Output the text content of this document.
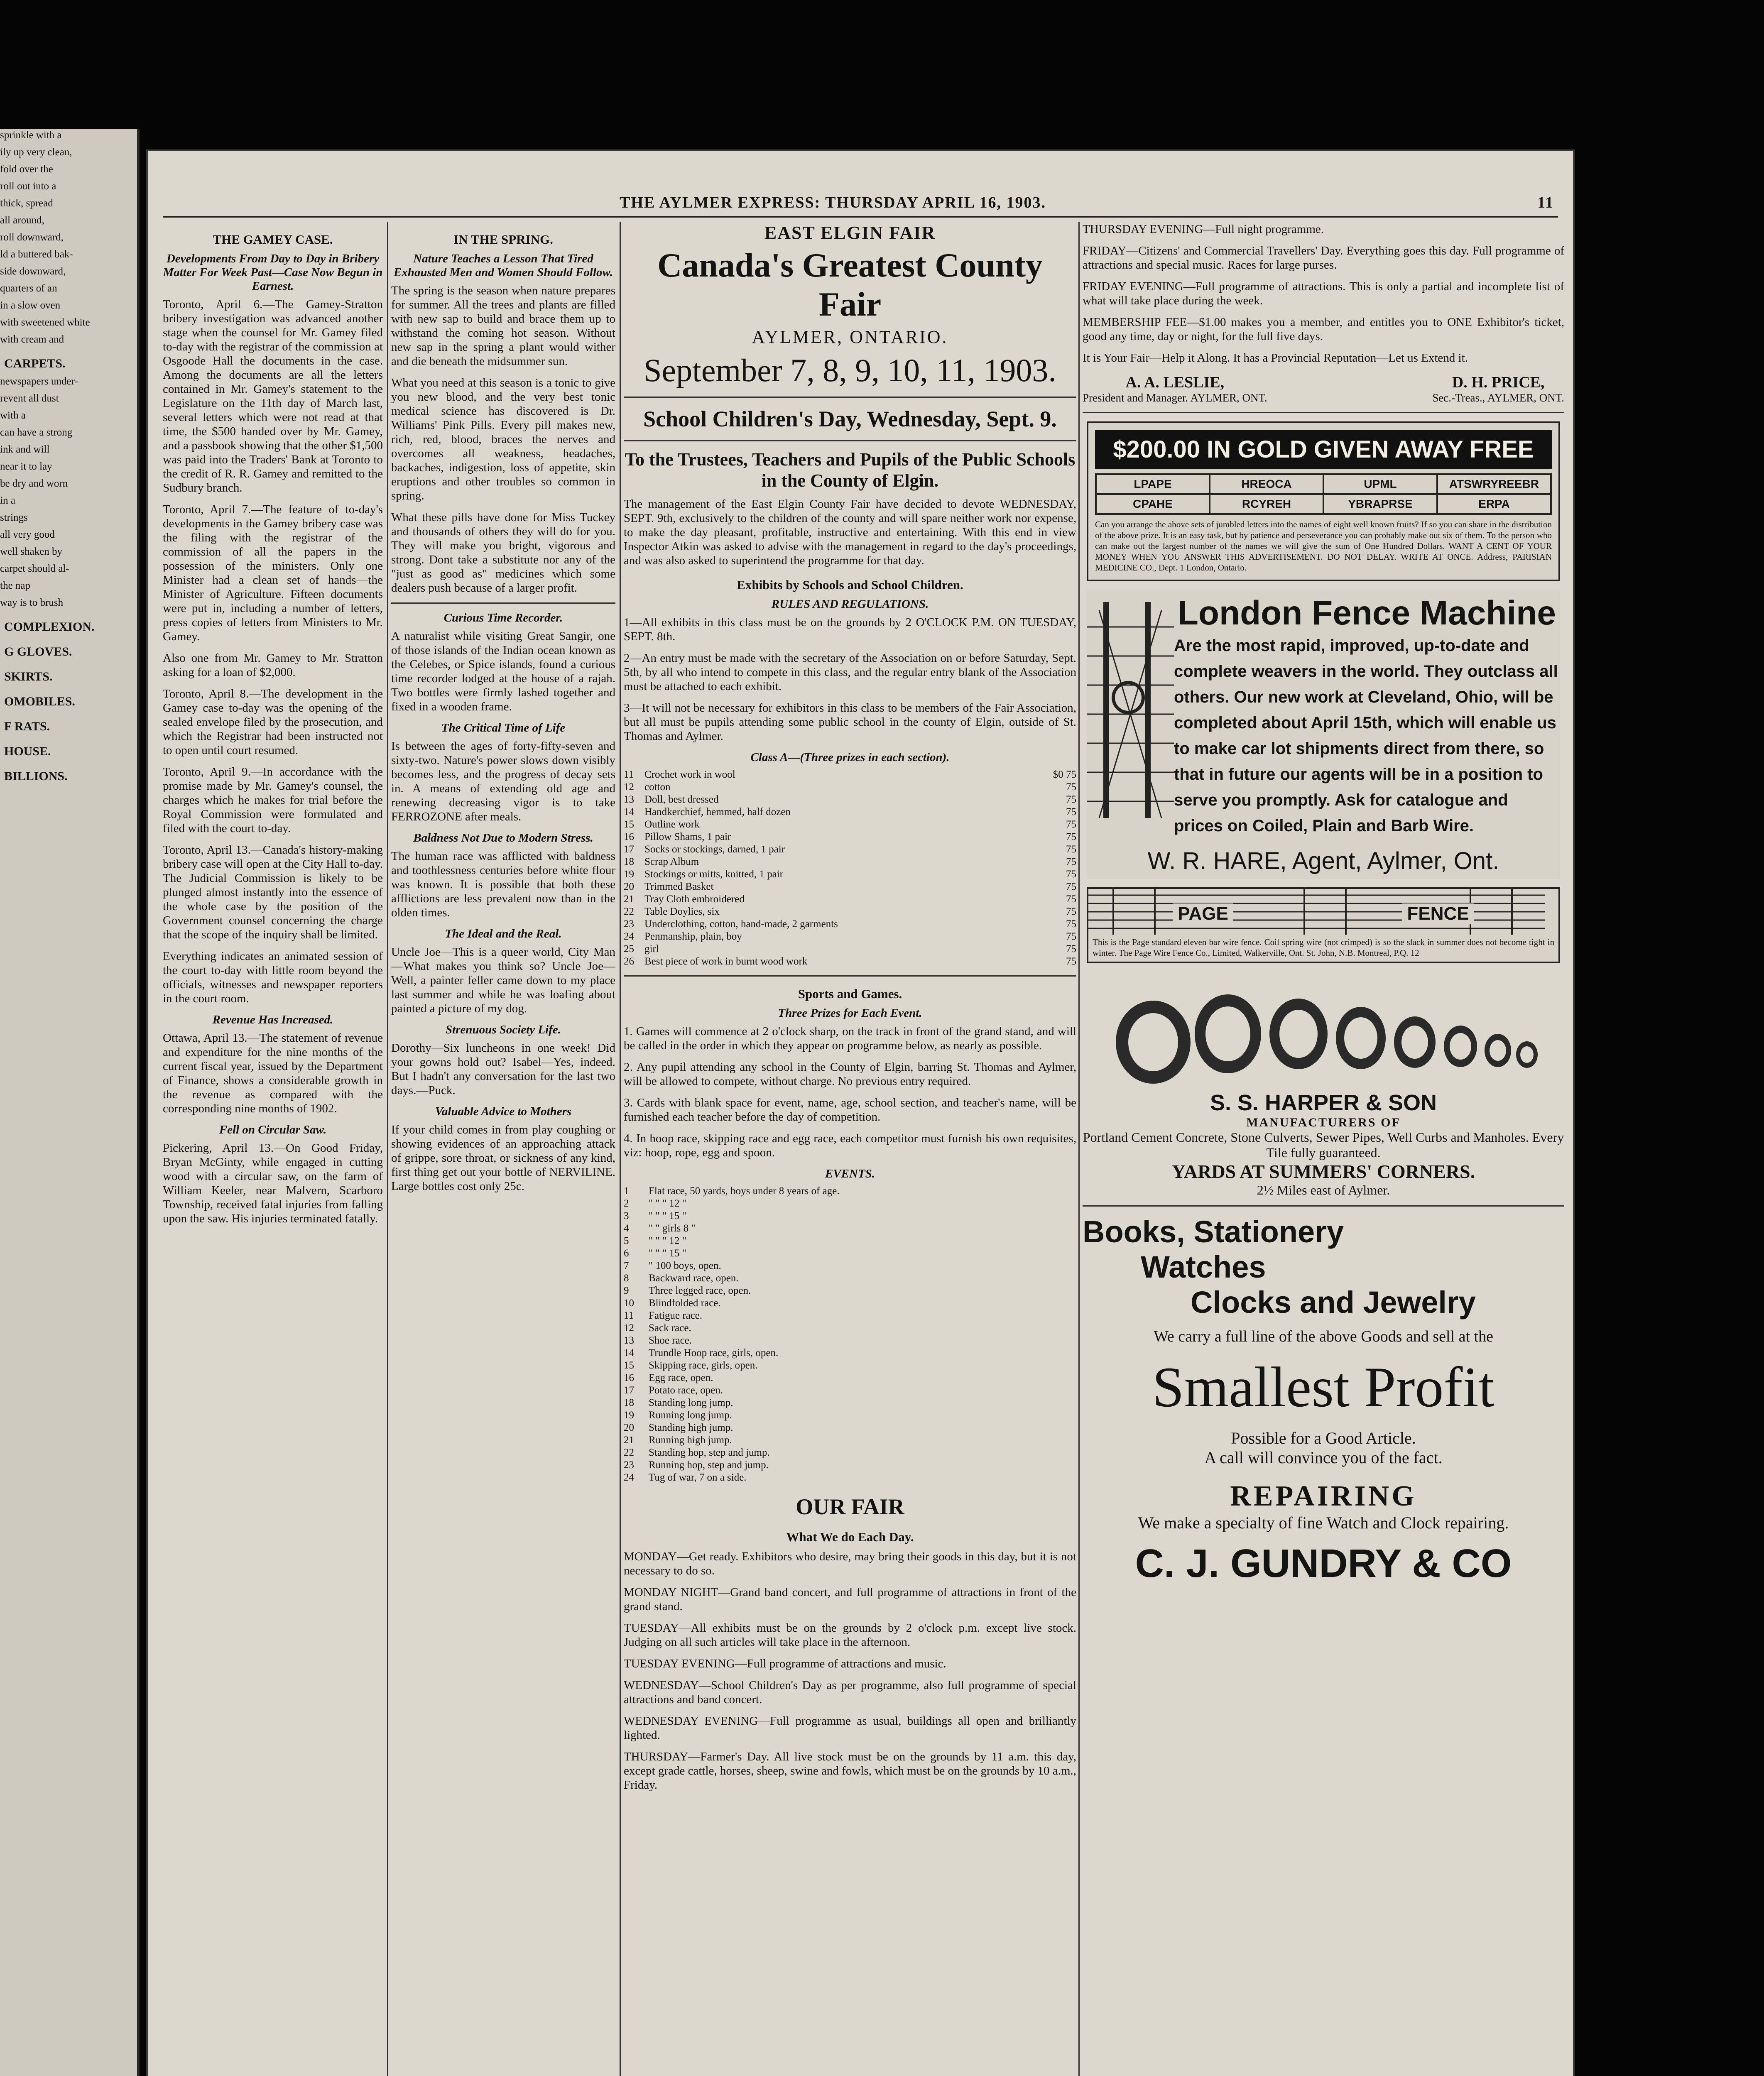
sprinkle with a

ily up very clean,

fold over the

roll out into a

thick, spread

all around,

roll downward,

ld a buttered bak-

side downward,

quarters of an

in a slow oven

with sweetened white

with cream and

CARPETS.

newspapers under-

revent all dust

with a

can have a strong

ink and will

near it to lay

be dry and worn

in a

strings

all very good

well shaken by

carpet should al-

the nap

way is to brush

COMPLEXION.
G GLOVES.
SKIRTS.
OMOBILES.
F RATS.
HOUSE.
BILLIONS.
THE AYLMER EXPRESS: THURSDAY APRIL 16, 1903.	11
THE GAMEY CASE.
Developments From Day to Day in Bribery Matter For Week Past—Case Now Begun in Earnest.

Toronto, April 6.—The Gamey-Stratton bribery investigation was advanced another stage when the counsel for Mr. Gamey filed to-day with the registrar of the commission at Osgoode Hall the documents in the case. Among the documents are all the letters contained in Mr. Gamey's statement to the Legislature on the 11th day of March last, several letters which were not read at that time, the $500 handed over by Mr. Gamey, and a passbook showing that the other $1,500 was paid into the Traders' Bank at Toronto to the credit of R. R. Gamey and remitted to the Sudbury branch.

Toronto, April 7.—The feature of to-day's developments in the Gamey bribery case was the filing with the registrar of the commission of all the papers in the possession of the ministers. Only one Minister had a clean set of hands—the Minister of Agriculture. Fifteen documents were put in, including a number of letters, press copies of letters from Ministers to Mr. Gamey.

Also one from Mr. Gamey to Mr. Stratton asking for a loan of $2,000.

Toronto, April 8.—The development in the Gamey case to-day was the opening of the sealed envelope filed by the prosecution, and which the Registrar had been instructed not to open until court resumed.

Toronto, April 9.—In accordance with the promise made by Mr. Gamey's counsel, the charges which he makes for trial before the Royal Commission were formulated and filed with the court to-day.

Toronto, April 13.—Canada's history-making bribery case will open at the City Hall to-day. The Judicial Commission is likely to be plunged almost instantly into the essence of the whole case by the position of the Government counsel concerning the charge that the scope of the inquiry shall be limited.

Everything indicates an animated session of the court to-day with little room beyond the officials, witnesses and newspaper reporters in the court room.

Revenue Has Increased.

Ottawa, April 13.—The statement of revenue and expenditure for the nine months of the current fiscal year, issued by the Department of Finance, shows a considerable growth in the revenue as compared with the corresponding nine months of 1902.

Fell on Circular Saw.

Pickering, April 13.—On Good Friday, Bryan McGinty, while engaged in cutting wood with a circular saw, on the farm of William Keeler, near Malvern, Scarboro Township, received fatal injuries from falling upon the saw. His injuries terminated fatally.

IN THE SPRING.
Nature Teaches a Lesson That Tired Exhausted Men and Women Should Follow.

The spring is the season when nature prepares for summer. All the trees and plants are filled with new sap to build and brace them up to withstand the coming hot season. Without new sap in the spring a plant would wither and die beneath the midsummer sun.

What you need at this season is a tonic to give you new blood, and the very best tonic medical science has discovered is Dr. Williams' Pink Pills. Every pill makes new, rich, red, blood, braces the nerves and overcomes all weakness, headaches, backaches, indigestion, loss of appetite, skin eruptions and other troubles so common in spring.

What these pills have done for Miss Tuckey and thousands of others they will do for you. They will make you bright, vigorous and strong. Dont take a substitute nor any of the "just as good as" medicines which some dealers push because of a larger profit.

Curious Time Recorder.

A naturalist while visiting Great Sangir, one of those islands of the Indian ocean known as the Celebes, or Spice islands, found a curious time recorder lodged at the house of a rajah. Two bottles were firmly lashed together and fixed in a wooden frame.

The Critical Time of Life

Is between the ages of forty-fifty-seven and sixty-two. Nature's power slows down visibly becomes less, and the progress of decay sets in. A means of extending old age and renewing decreasing vigor is to take FERROZONE after meals.

Baldness Not Due to Modern Stress.

The human race was afflicted with baldness and toothlessness centuries before white flour was known. It is possible that both these afflictions are less prevalent now than in the olden times.

The Ideal and the Real.

Uncle Joe—This is a queer world, City Man—What makes you think so? Uncle Joe—Well, a painter feller came down to my place last summer and while he was loafing about painted a picture of my dog.

Strenuous Society Life.

Dorothy—Six luncheons in one week! Did your gowns hold out? Isabel—Yes, indeed. But I hadn't any conversation for the last two days.—Puck.

Valuable Advice to Mothers

If your child comes in from play coughing or showing evidences of an approaching attack of grippe, sore throat, or sickness of any kind, first thing get out your bottle of NERVILINE. Large bottles cost only 25c.

EAST ELGIN FAIR
Canada's Greatest County Fair
AYLMER, ONTARIO.
September 7, 8, 9, 10, 11, 1903.
School Children's Day, Wednesday, Sept. 9.
To the Trustees, Teachers and Pupils of the Public Schools in the County of Elgin.

The management of the East Elgin County Fair have decided to devote WEDNESDAY, SEPT. 9th, exclusively to the children of the county and will spare neither work nor expense, to make the day pleasant, profitable, instructive and entertaining. With this end in view Inspector Atkin was asked to advise with the management in regard to the day's proceedings, and was also asked to superintend the programme for that day.

Exhibits by Schools and School Children.
RULES AND REGULATIONS.

1—All exhibits in this class must be on the grounds by 2 O'CLOCK P.M. ON TUESDAY, SEPT. 8th.

2—An entry must be made with the secretary of the Association on or before Saturday, Sept. 5th, by all who intend to compete in this class, and the regular entry blank of the Association must be attached to each exhibit.

3—It will not be necessary for exhibitors in this class to be members of the Fair Association, but all must be pupils attending some public school in the county of Elgin, outside of St. Thomas and Aylmer.

Class A—(Three prizes in each section).
11	Crochet work in wool	$0 75
12	cotton	75
13	Doll, best dressed	75
14	Handkerchief, hemmed, half dozen	75
15	Outline work	75
16	Pillow Shams, 1 pair	75
17	Socks or stockings, darned, 1 pair	75
18	Scrap Album	75
19	Stockings or mitts, knitted, 1 pair	75
20	Trimmed Basket	75
21	Tray Cloth embroidered	75
22	Table Doylies, six	75
23	Underclothing, cotton, hand-made, 2 garments	75
24	Penmanship, plain, boy	75
25	girl	75
26	Best piece of work in burnt wood work	75
Sports and Games.
Three Prizes for Each Event.

1. Games will commence at 2 o'clock sharp, on the track in front of the grand stand, and will be called in the order in which they appear on programme below, as nearly as possible.

2. Any pupil attending any school in the County of Elgin, barring St. Thomas and Aylmer, will be allowed to compete, without charge. No previous entry required.

3. Cards with blank space for event, name, age, school section, and teacher's name, will be furnished each teacher before the day of competition.

4. In hoop race, skipping race and egg race, each competitor must furnish his own requisites, viz: hoop, rope, egg and spoon.

EVENTS.
1	Flat race, 50 yards, boys under 8 years of age.
2	" " " 12 "
3	" " " 15 "
4	" " girls 8 "
5	" " " 12 "
6	" " " 15 "
7	" 100 boys, open.
8	Backward race, open.
9	Three legged race, open.
10	Blindfolded race.
11	Fatigue race.
12	Sack race.
13	Shoe race.
14	Trundle Hoop race, girls, open.
15	Skipping race, girls, open.
16	Egg race, open.
17	Potato race, open.
18	Standing long jump.
19	Running long jump.
20	Standing high jump.
21	Running high jump.
22	Standing hop, step and jump.
23	Running hop, step and jump.
24	Tug of war, 7 on a side.
OUR FAIR
What We do Each Day.

MONDAY—Get ready. Exhibitors who desire, may bring their goods in this day, but it is not necessary to do so.

MONDAY NIGHT—Grand band concert, and full programme of attractions in front of the grand stand.

TUESDAY—All exhibits must be on the grounds by 2 o'clock p.m. except live stock. Judging on all such articles will take place in the afternoon.

TUESDAY EVENING—Full programme of attractions and music.

WEDNESDAY—School Children's Day as per programme, also full programme of special attractions and band concert.

WEDNESDAY EVENING—Full programme as usual, buildings all open and brilliantly lighted.

THURSDAY—Farmer's Day. All live stock must be on the grounds by 11 a.m. this day, except grade cattle, horses, sheep, swine and fowls, which must be on the grounds by 10 a.m., Friday.

THURSDAY EVENING—Full night programme.

FRIDAY—Citizens' and Commercial Travellers' Day. Everything goes this day. Full programme of attractions and special music. Races for large purses.

FRIDAY EVENING—Full programme of attractions. This is only a partial and incomplete list of what will take place during the week.

MEMBERSHIP FEE—$1.00 makes you a member, and entitles you to ONE Exhibitor's ticket, good any time, day or night, for the full five days.

It is Your Fair—Help it Along. It has a Provincial Reputation—Let us Extend it.

A. A. LESLIE,
President and Manager. AYLMER, ONT.
D. H. PRICE,
Sec.-Treas., AYLMER, ONT.
$200.00 IN GOLD GIVEN AWAY FREE
LPAPE	HREOCA	UPML	ATSWRYREEBR
CPAHE	RCYREH	YBRAPRSE	ERPA
Can you arrange the above sets of jumbled letters into the names of eight well known fruits? If so you can share in the distribution of the above prize. It is an easy task, but by patience and perseverance you can probably make out six of them. To the person who can make out the largest number of the names we will give the sum of One Hundred Dollars. WANT A CENT OF YOUR MONEY WHEN YOU ANSWER THIS ADVERTISEMENT. DO NOT DELAY. WRITE AT ONCE. Address, PARISIAN MEDICINE CO., Dept. 1 London, Ontario.
London Fence Machine
Are the most rapid, improved, up-to-date and complete weavers in the world. They outclass all others. Our new work at Cleveland, Ohio, will be completed about April 15th, which will enable us to make car lot shipments direct from there, so that in future our agents will be in a position to serve you promptly. Ask for catalogue and prices on Coiled, Plain and Barb Wire.
W. R. HARE, Agent, Aylmer, Ont.
PAGE	FENCE
This is the Page standard eleven bar wire fence. Coil spring wire (not crimped) is so the slack in summer does not become tight in winter. The Page Wire Fence Co., Limited, Walkerville, Ont. St. John, N.B. Montreal, P.Q. 12
S. S. HARPER & SON
MANUFACTURERS OF
Portland Cement Concrete, Stone Culverts, Sewer Pipes, Well Curbs and Manholes. Every Tile fully guaranteed.
YARDS AT SUMMERS' CORNERS.
2½ Miles east of Aylmer.
Books, Stationery
Watches
Clocks and Jewelry
We carry a full line of the above Goods and sell at the
Smallest Profit
Possible for a Good Article.
A call will convince you of the fact.
REPAIRING
We make a specialty of fine Watch and Clock repairing.
C. J. GUNDRY & CO
